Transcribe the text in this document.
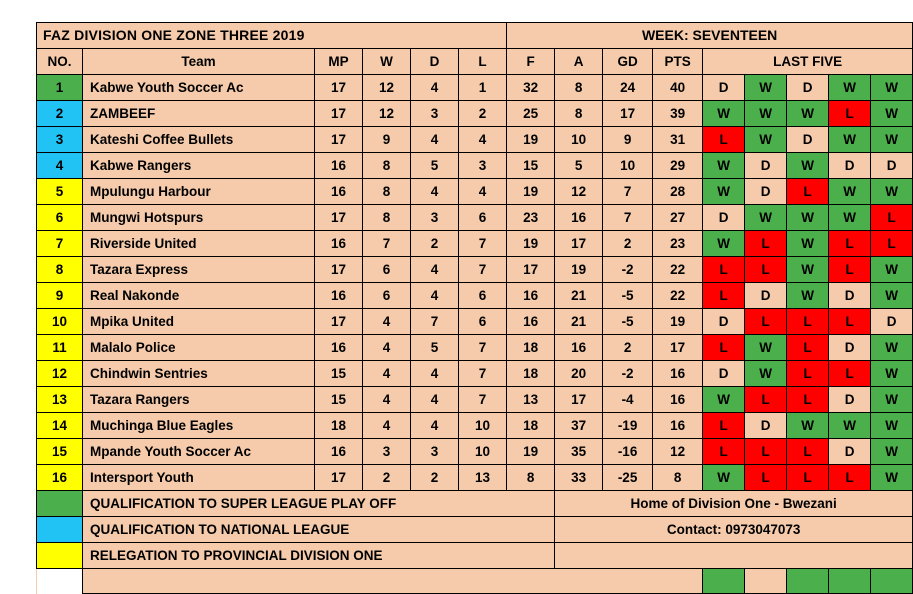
FAZ DIVISION ONE ZONE THREE 2019						WEEK: SEVENTEEN								
NO.	Team	MP	W	D	L	F	A	GD	PTS	LAST FIVE				
1	Kabwe Youth Soccer Ac	17	12	4	1	32	8	24	40	D	W	D	W	W
2	ZAMBEEF	17	12	3	2	25	8	17	39	W	W	W	L	W
3	Kateshi Coffee Bullets	17	9	4	4	19	10	9	31	L	W	D	W	W
4	Kabwe Rangers	16	8	5	3	15	5	10	29	W	D	W	D	D
5	Mpulungu Harbour	16	8	4	4	19	12	7	28	W	D	L	W	W
6	Mungwi Hotspurs	17	8	3	6	23	16	7	27	D	W	W	W	L
7	Riverside United	16	7	2	7	19	17	2	23	W	L	W	L	L
8	Tazara Express	17	6	4	7	17	19	-2	22	L	L	W	L	W
9	Real Nakonde	16	6	4	6	16	21	-5	22	L	D	W	D	W
10	Mpika United	17	4	7	6	16	21	-5	19	D	L	L	L	D
11	Malalo Police	16	4	5	7	18	16	2	17	L	W	L	D	W
12	Chindwin Sentries	15	4	4	7	18	20	-2	16	D	W	L	L	W
13	Tazara Rangers	15	4	4	7	13	17	-4	16	W	L	L	D	W
14	Muchinga Blue Eagles	18	4	4	10	18	37	-19	16	L	D	W	W	W
15	Mpande Youth Soccer Ac	16	3	3	10	19	35	-16	12	L	L	L	D	W
16	Intersport Youth	17	2	2	13	8	33	-25	8	W	L	L	L	W
	QUALIFICATION TO SUPER LEAGUE PLAY OFF						Home of Division One - Bwezani							
	QUALIFICATION TO NATIONAL LEAGUE						Contact: 0973047073							
	RELEGATION TO PROVINCIAL DIVISION ONE													
